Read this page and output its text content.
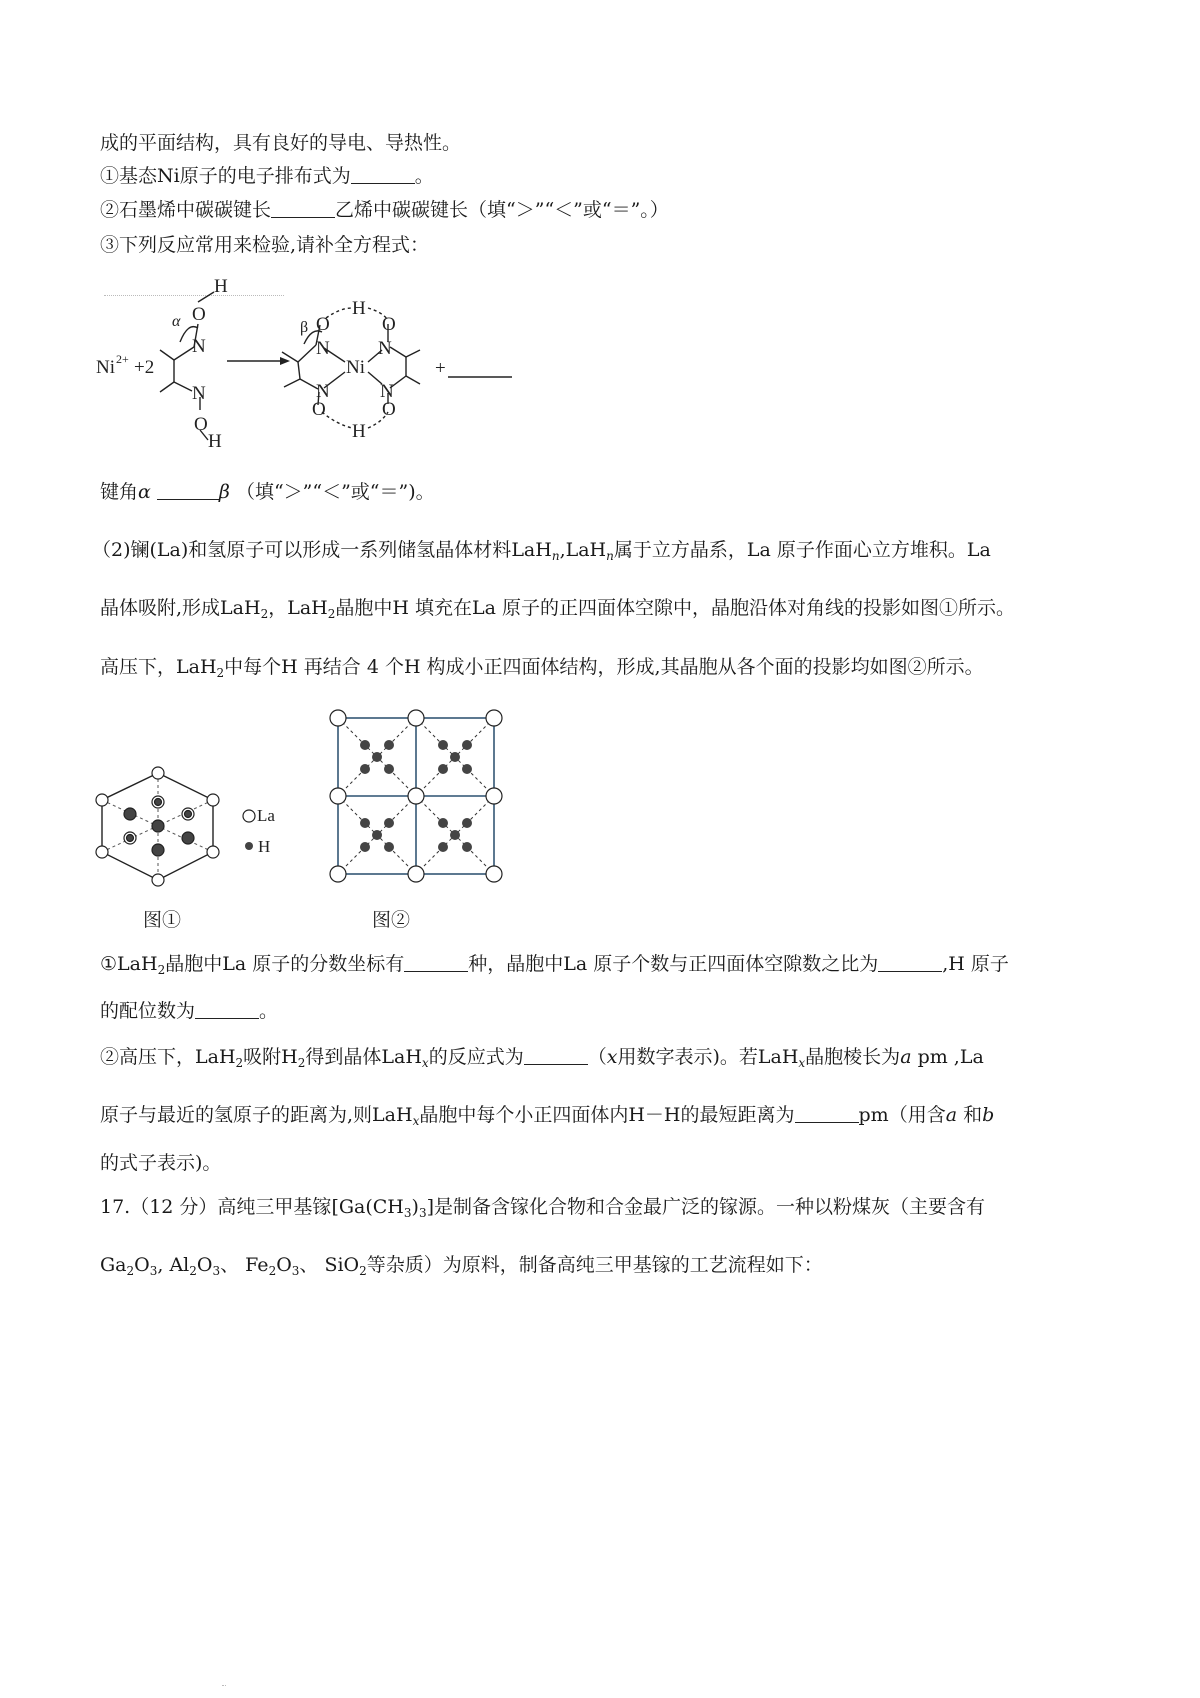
成的平面结构，具有良好的导电、导热性。
①基态Ni原子的电子排布式为	。
②石墨烯中碳碳键长	乙烯中碳碳键长（填“＞”“＜”或“＝”。）
③下列反应常用来检验,请补全方程式：
Ni 2+ +2
H
O
α
N
N
O
H
β O
H
O
N	N
Ni
N	N
O	O
H
+
键角α	β （填“＞”“＜”或“＝”)。
（2)镧(La)和氢原子可以形成一系列储氢晶体材料LaH$_n$,LaH$_n$属于立方晶系，La 原子作面心立方堆积。La
晶体吸附,形成LaH$_2$，LaH$_2$晶胞中H 填充在La 原子的正四面体空隙中，晶胞沿体对角线的投影如图①所示。
高压下，LaH$_2$中每个H 再结合 4 个H 构成小正四面体结构，形成,其晶胞从各个面的投影均如图②所示。
La
H
图①	图②
①LaH$_2$晶胞中La 原子的分数坐标有	种，晶胞中La 原子个数与正四面体空隙数之比为	,H 原子
的配位数为	。
②高压下，LaH$_2$吸附$H_2$得到晶体LaH$_x$的反应式为	（x用数字表示)。若LaH$_x$晶胞棱长为a pm ,La
原子与最近的氢原子的距离为,则LaH$_x$晶胞中每个小正四面体内H－H的最短距离为	pm（用含a 和b
的式子表示)。
17.（12 分）高纯三甲基镓$[Ga(CH_3)_3]$是制备含镓化合物和合金最广泛的镓源。一种以粉煤灰（主要含有
$Ga_2O_3$, $Al_2O_3$、 $Fe_2O_3$、 SiO$_2$等杂质）为原料，制备高纯三甲基镓的工艺流程如下：
